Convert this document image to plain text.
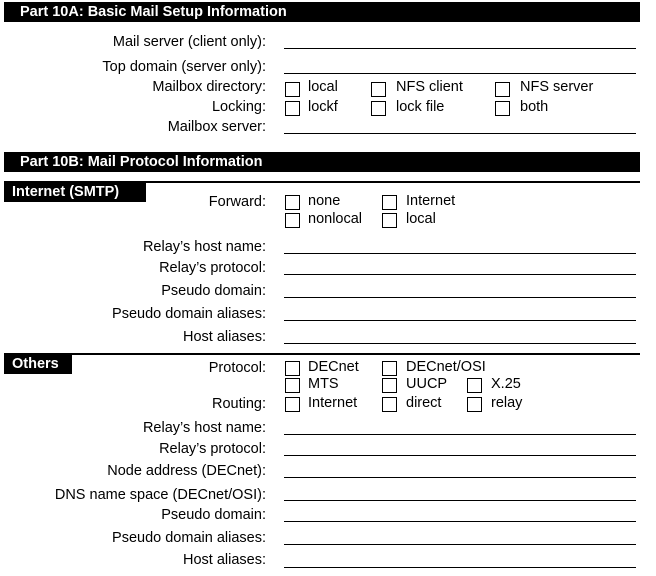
Part 10A: Basic Mail Setup Information
Mail server (client only):
Top domain (server only):
Mailbox directory:	local	NFS client	NFS server
Locking:	lockf	lock file	both
Mailbox server:
Part 10B: Mail Protocol Information
Internet (SMTP)
Forward:	none	Internet
nonlocal	local
Relay’s host name:
Relay’s protocol:
Pseudo domain:
Pseudo domain aliases:
Host aliases:
Others	Protocol:	DECnet	DECnet/OSI
MTS	UUCP	X.25
Routing:	Internet	direct	relay
Relay’s host name:
Relay’s protocol:
Node address (DECnet):
DNS name space (DECnet/OSI):
Pseudo domain:
Pseudo domain aliases:
Host aliases:
